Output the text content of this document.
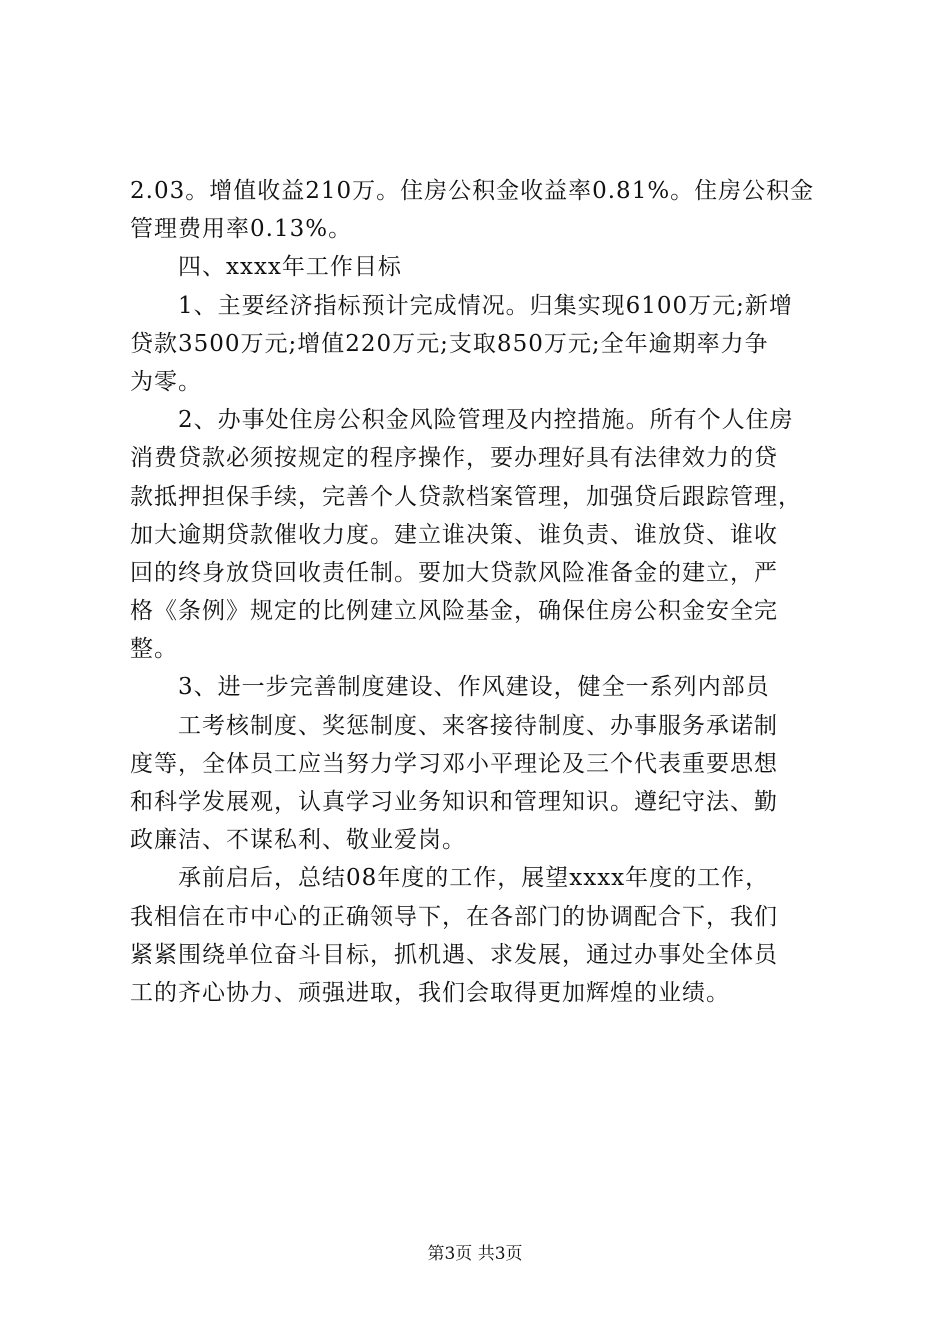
2.03。增值收益210万。住房公积金收益率0.81%。住房公积金
管理费用率0.13%。
　　四、xxxx年工作目标
　　1、主要经济指标预计完成情况。归集实现6100万元;新增
贷款3500万元;增值220万元;支取850万元;全年逾期率力争
为零。
　　2、办事处住房公积金风险管理及内控措施。所有个人住房
消费贷款必须按规定的程序操作，要办理好具有法律效力的贷
款抵押担保手续，完善个人贷款档案管理，加强贷后跟踪管理，
加大逾期贷款催收力度。建立谁决策、谁负责、谁放贷、谁收
回的终身放贷回收责任制。要加大贷款风险准备金的建立，严
格《条例》规定的比例建立风险基金，确保住房公积金安全完
整。
　　3、进一步完善制度建设、作风建设，健全一系列内部员
　　工考核制度、奖惩制度、来客接待制度、办事服务承诺制
度等，全体员工应当努力学习邓小平理论及三个代表重要思想
和科学发展观，认真学习业务知识和管理知识。遵纪守法、勤
政廉洁、不谋私利、敬业爱岗。
　　承前启后，总结08年度的工作，展望xxxx年度的工作，
我相信在市中心的正确领导下，在各部门的协调配合下，我们
紧紧围绕单位奋斗目标，抓机遇、求发展，通过办事处全体员
工的齐心协力、顽强进取，我们会取得更加辉煌的业绩。
第3页 共3页
